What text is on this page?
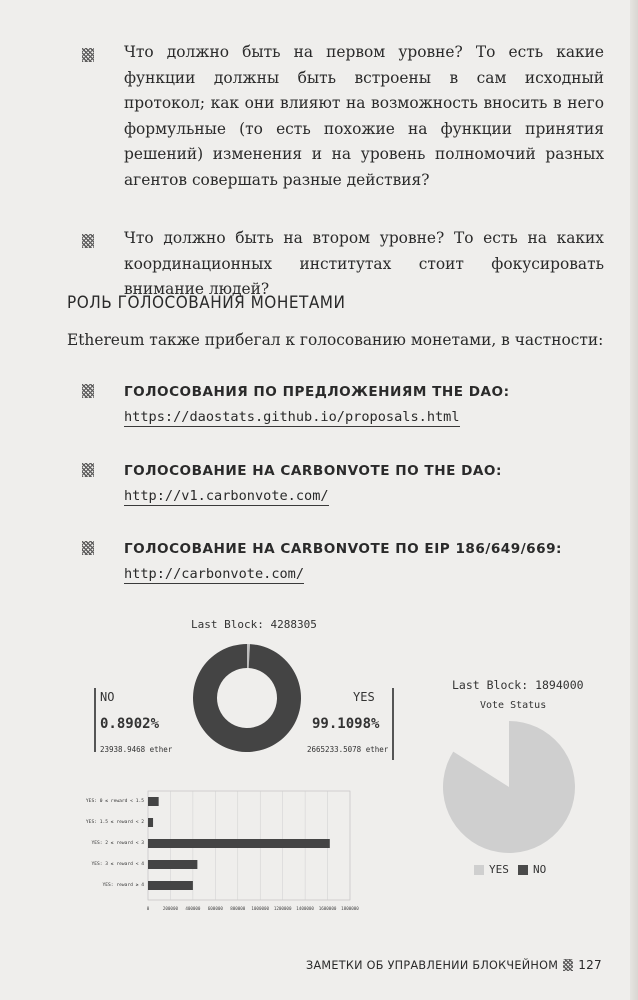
Что должно быть на первом уровне? То есть какие функции должны быть встроены в сам исходный протокол; как они влияют на возможность вносить в него формульные (то есть похожие на функции принятия решений) изменения и на уровень полномочий разных агентов совершать разные действия?
Что должно быть на втором уровне? То есть на каких координационных институтах стоит фокусировать внимание людей?
РОЛЬ ГОЛОСОВАНИЯ МОНЕТАМИ
Ethereum также прибегал к голосованию монетами, в частности:
ГОЛОСОВАНИЯ ПО ПРЕДЛОЖЕНИЯМ THE DAO:
https://daostats.github.io/proposals.html
ГОЛОСОВАНИЕ НА CARBONVOTE ПО THE DAO:
http://v1.carbonvote.com/
ГОЛОСОВАНИЕ НА CARBONVOTE ПО EIP 186/649/669:
http://carbonvote.com/
Last Block: 4288305
NO
0.8902%
23938.9468 ether
YES
99.1098%
2665233.5078 ether
YES: 0 ≤ reward < 1.5
YES: 1.5 ≤ reward < 2
YES: 2 ≤ reward < 3
YES: 3 ≤ reward < 4
YES: reward ≥ 4
0	200000 400000 600000 800000 1000000 1200000 1400000 1600000 1800000
Last Block: 1894000
Vote Status
YES NO
ЗАМЕТКИ ОБ УПРАВЛЕНИИ БЛОКЧЕЙНОМ 127
